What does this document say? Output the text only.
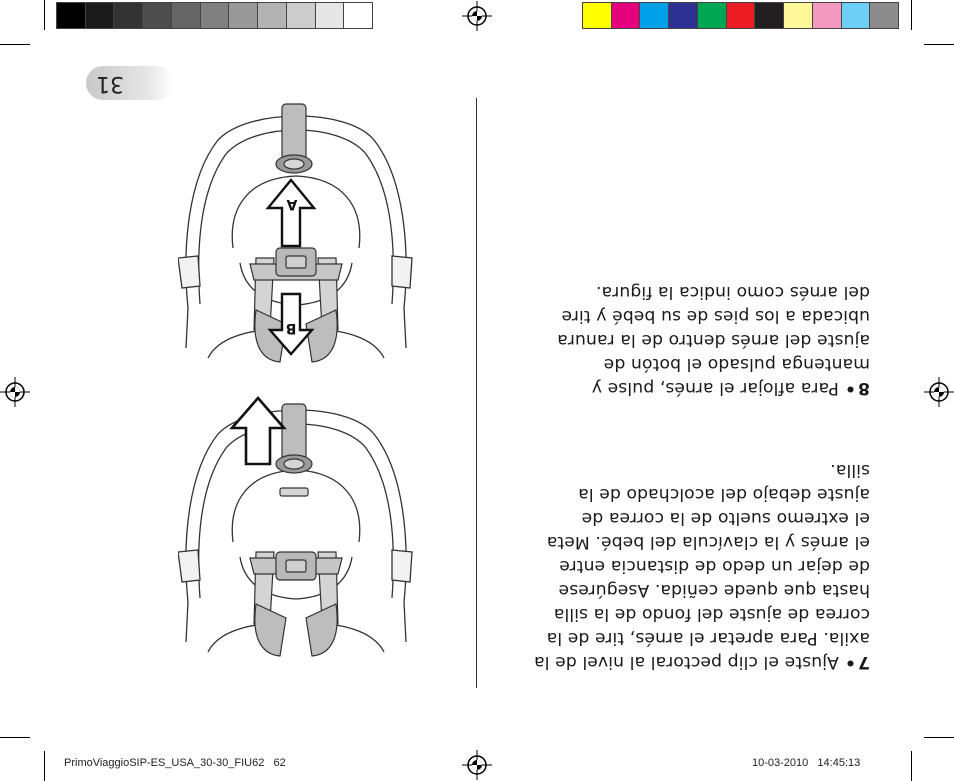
31

8•Para aflojar el arnés, pulse y
mantenga pulsado el botón de
ajuste del arnés dentro de la ranura
ubicada a los pies de su bebé y tire
del arnés como indica la figura.

7•Ajuste el clip pectoral al nivel de la
axila. Para apretar el arnés, tire de la
correa de ajuste del fondo de la silla
hasta que quede ceñida. Asegúrese
de dejar un dedo de distancia entre
el arnés y la clavícula del bebé. Meta
el extremo suelto de la correa de
ajuste debajo del acolchado de la
silla.

A
B
PrimoViaggioSIP-ES_USA_30-30_FIU62   62	10-03-2010   14:45:13
